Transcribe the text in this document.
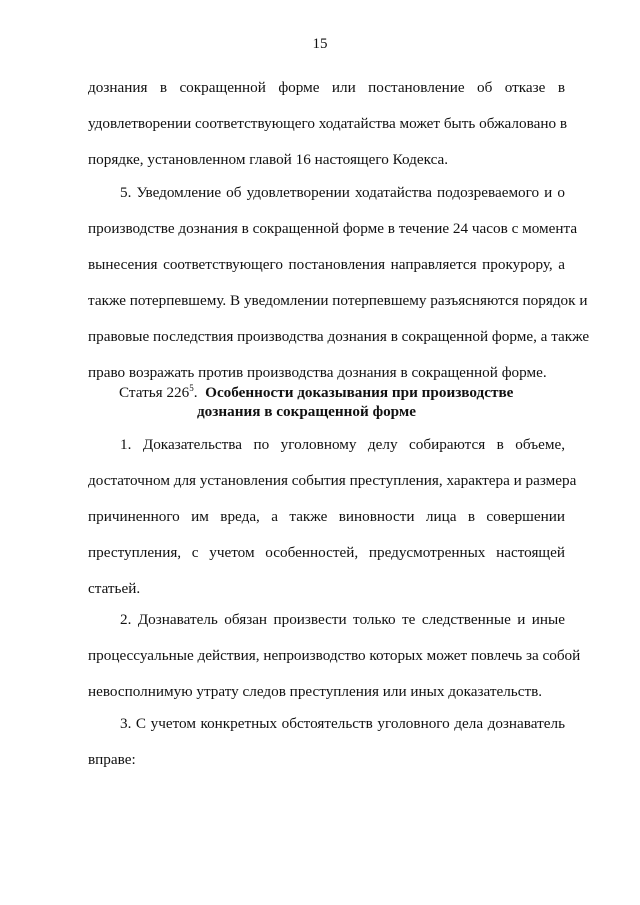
15
дознания в сокращенной форме или постановление об отказе в
удовлетворении соответствующего ходатайства может быть обжаловано в
порядке, установленном главой 16 настоящего Кодекса.
5. Уведомление об удовлетворении ходатайства подозреваемого и о
производстве дознания в сокращенной форме в течение 24 часов с момента
вынесения соответствующего постановления направляется прокурору, а
также потерпевшему. В уведомлении потерпевшему разъясняются порядок и
правовые последствия производства дознания в сокращенной форме, а также
право возражать против производства дознания в сокращенной форме.
Статья $226^5$.  Особенности доказывания при производстве
дознания в сокращенной форме
1. Доказательства по уголовному делу собираются в объеме,
достаточном для установления события преступления, характера и размера
причиненного им вреда, а также виновности лица в совершении
преступления, с учетом особенностей, предусмотренных настоящей
статьей.
2. Дознаватель обязан произвести только те следственные и иные
процессуальные действия, непроизводство которых может повлечь за собой
невосполнимую утрату следов преступления или иных доказательств.
3. С учетом конкретных обстоятельств уголовного дела дознаватель
вправе:
